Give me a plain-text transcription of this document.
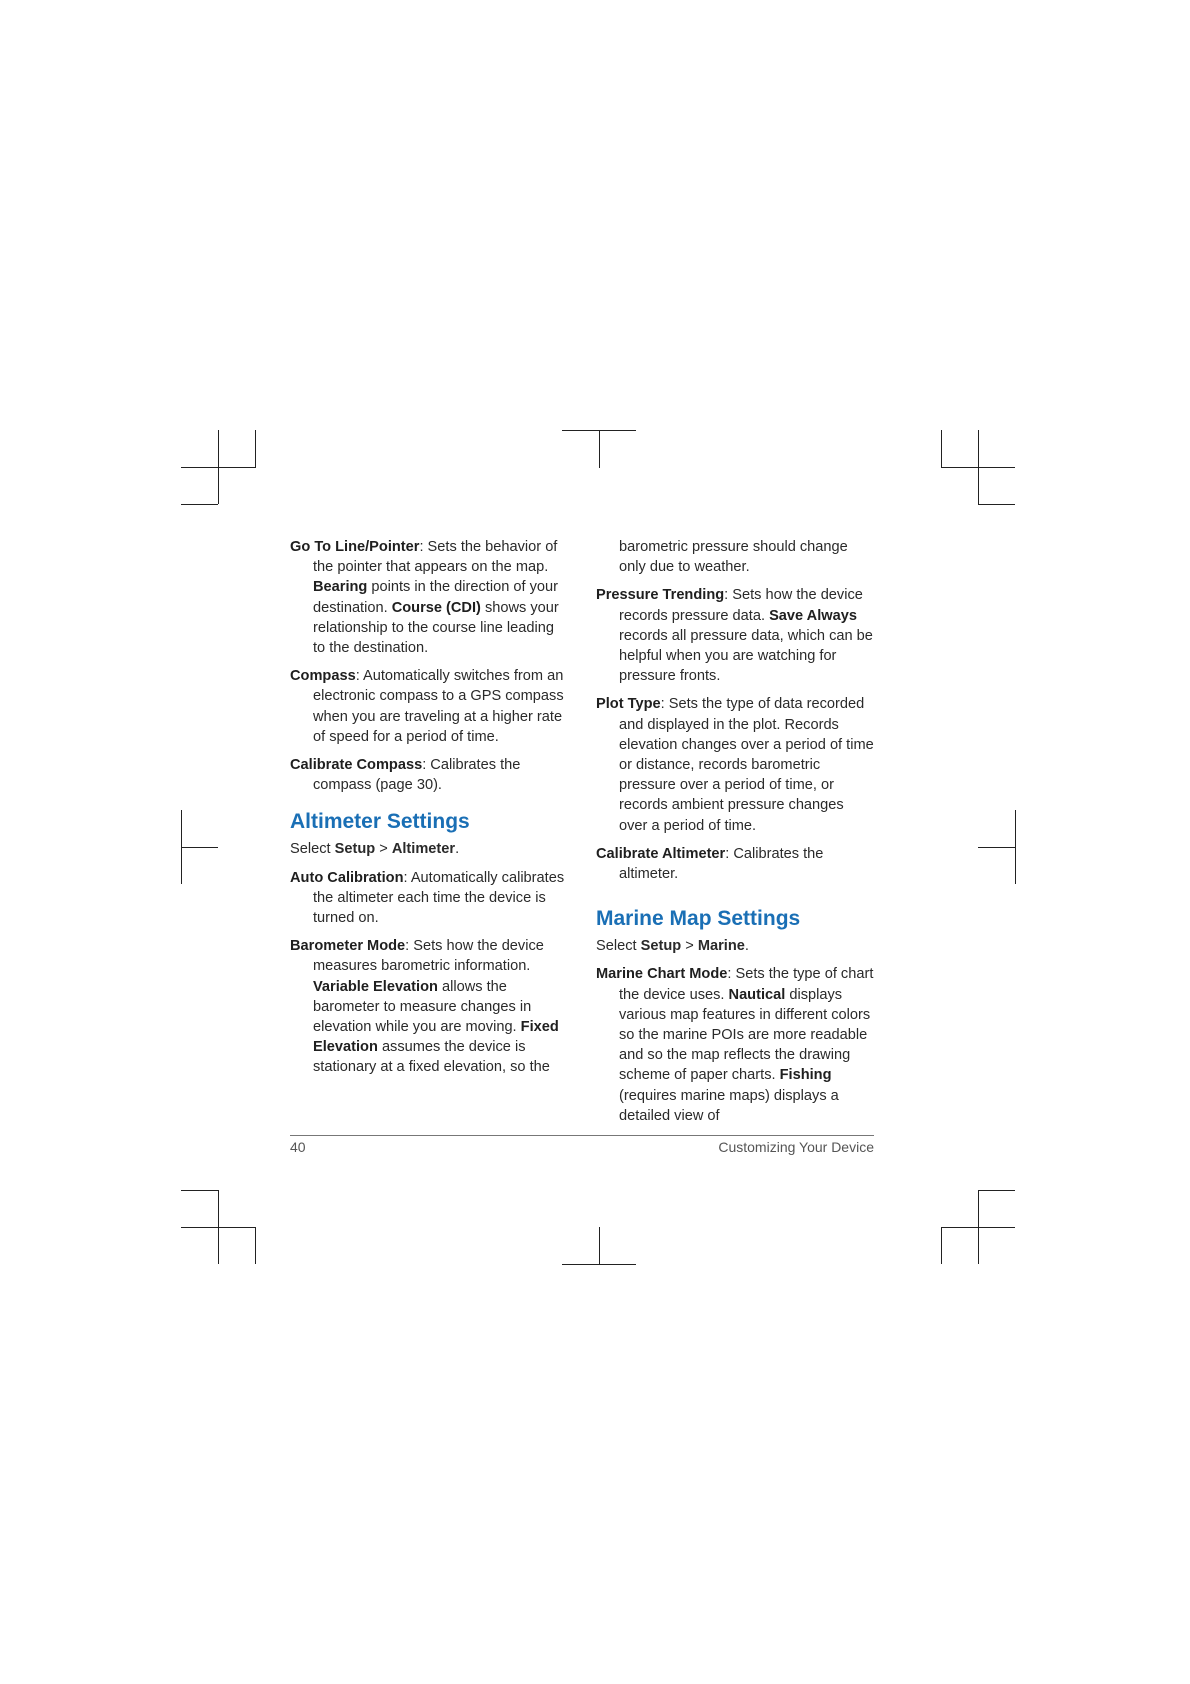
Go To Line/Pointer: Sets the behavior of the pointer that appears on the map. Bearing points in the direction of your destination. Course (CDI) shows your relationship to the course line leading to the destination.

Compass: Automatically switches from an electronic compass to a GPS compass when you are traveling at a higher rate of speed for a period of time.

Calibrate Compass: Calibrates the compass (page 30).

Altimeter Settings

Select Setup > Altimeter.

Auto Calibration: Automatically calibrates the altimeter each time the device is turned on.

Barometer Mode: Sets how the device measures barometric information. Variable Elevation allows the barometer to measure changes in elevation while you are moving. Fixed Elevation assumes the device is stationary at a fixed elevation, so the

barometric pressure should change only due to weather.

Pressure Trending: Sets how the device records pressure data. Save Always records all pressure data, which can be helpful when you are watching for pressure fronts.

Plot Type: Sets the type of data recorded and displayed in the plot. Records elevation changes over a period of time or distance, records barometric pressure over a period of time, or records ambient pressure changes over a period of time.

Calibrate Altimeter: Calibrates the altimeter.

Marine Map Settings

Select Setup > Marine.

Marine Chart Mode: Sets the type of chart the device uses. Nautical displays various map features in different colors so the marine POIs are more readable and so the map reflects the drawing scheme of paper charts. Fishing (requires marine maps) displays a detailed view of

40	Customizing Your Device
